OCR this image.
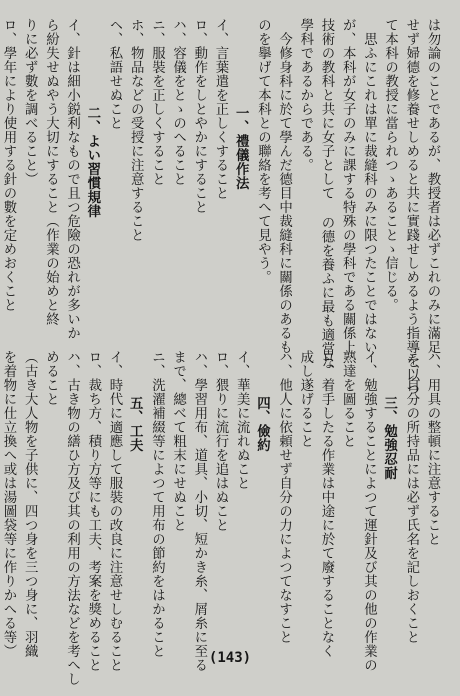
は勿論のことであるが、教授者は必ずこれのみに滿足
せず婦德を修養せしめると共に實踐せしめるよう指導を以つ
て本科の教授に當られつゝあることゝ信じる。
　思ふにこれは單に裁縫科のみに限つたことではない
が、本科が女子のみに課する特殊の學科である關係上
技術の教科と共に女子として の德を養ふに最も適當な
學科であるからである。
　今修身科に於て學んだ德目中裁縫科に關係のあるも
のを擧げて本科との聯絡を考へて見やう。
一、禮儀作法
イ、言葉遣を正しくすること
ロ、動作をしとやかにすること
ハ、容儀をとゝのへること
ニ、服裝を正しくすること
ホ、物品などの受授に注意すること
ヘ、私語せぬこと
二、よい習慣規律
イ、針は細小鋭利なもので且つ危險の恐れが多いか
ら紛失せぬやう大切にすること（作業の始めと終
りに必ず數を調べること）
ロ、學年により使用する針の數を定めおくこと
ハ、用具の整頓に注意すること
ニ、自分の所持品には必ず氏名を記しおくこと
三、勉強忍耐
イ、勉強することによつて運針及び其の他の作業の
熟達を圖ること
ロ、着手したる作業は中途に於て廢することなく
成し遂げること
ハ、他人に依頼せず自分の力によつてなすこと
四、儉約
イ、華美に流れぬこと
ロ、猥りに流行を追はぬこと
ハ、學習用布、道具、小切、短かき糸、屑糸に至る
まで、總べて粗末にせぬこと
ニ、洗濯補綴等によつて用布の節約をはかること
五、工夫
イ、時代に適應して服裝の改良に注意せしむること
ロ、裁ち方、積り方等にも工夫、考案を獎めること
ハ、古き物の繕ひ方及び其の利用の方法などを考へし
めること
（古き大人物を子供に、四つ身を三つ身に、羽織
を着物に仕立換へ或は湯圖袋等に作りかへる等）	(143)
